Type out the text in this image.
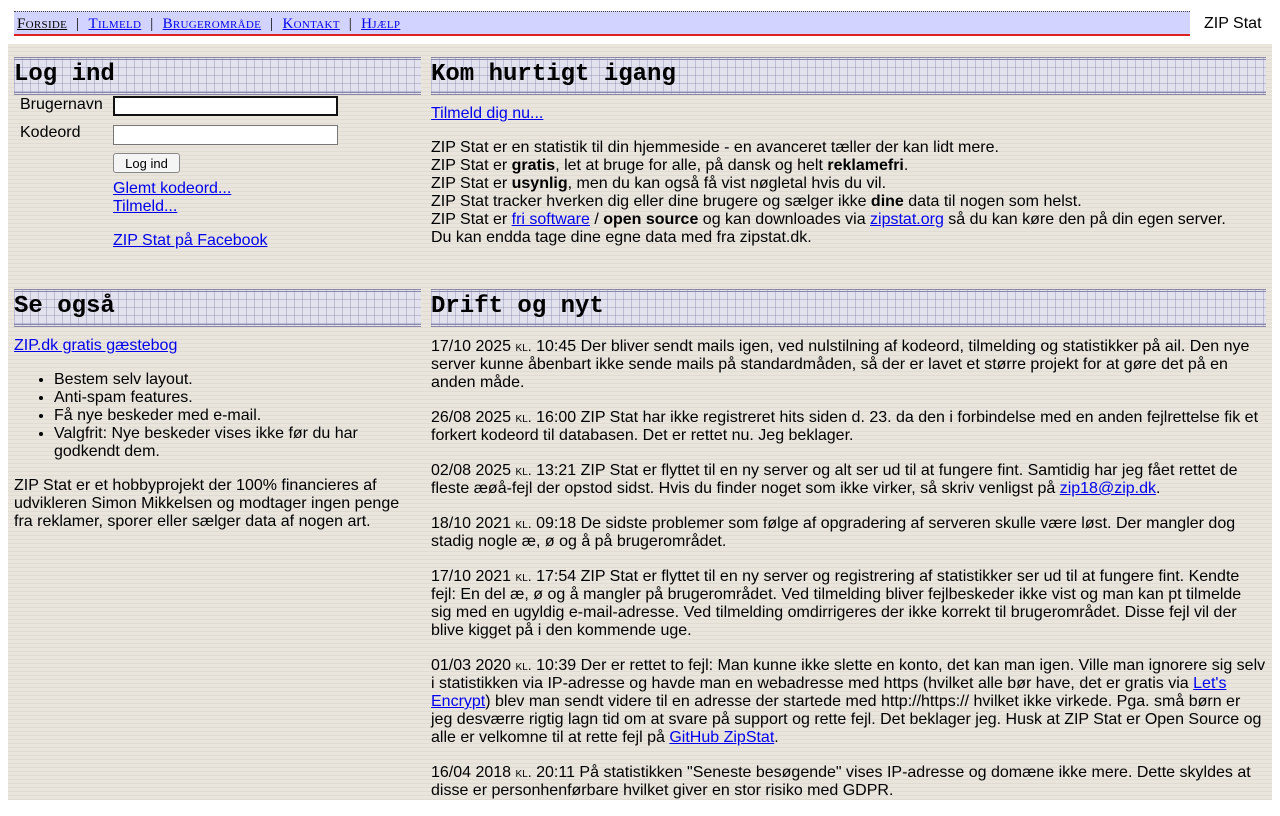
Forside | Tilmeld | Brugerområde | Kontakt | Hjælp	ZIP Stat
Log ind
Brugernavn
Kodeord
Log ind
Glemt kodeord...
Tilmeld...
ZIP Stat på Facebook
Kom hurtigt igang
Tilmeld dig nu...

ZIP Stat er en statistik til din hjemmeside - en avanceret tæller der kan lidt mere.

ZIP Stat er gratis, let at bruge for alle, på dansk og helt reklamefri.

ZIP Stat er usynlig, men du kan også få vist nøgletal hvis du vil.

ZIP Stat tracker hverken dig eller dine brugere og sælger ikke dine data til nogen som helst.

ZIP Stat er fri software / open source og kan downloades via zipstat.org så du kan køre den på din egen server.

Du kan endda tage dine egne data med fra zipstat.dk.

Se også
ZIP.dk gratis gæstebog
• Bestem selv layout.
• Anti-spam features.
• Få nye beskeder med e-mail.
• Valgfrit: Nye beskeder vises ikke før du har godkendt dem.

ZIP Stat er et hobbyprojekt der 100% financieres af udvikleren Simon Mikkelsen og modtager ingen penge fra reklamer, sporer eller sælger data af nogen art.

Drift og nyt

17/10 2025 kl. 10:45 Der bliver sendt mails igen, ved nulstilning af kodeord, tilmelding og statistikker på ail. Den nye server kunne åbenbart ikke sende mails på standardmåden, så der er lavet et større projekt for at gøre det på en anden måde.

26/08 2025 kl. 16:00 ZIP Stat har ikke registreret hits siden d. 23. da den i forbindelse med en anden fejlrettelse fik et forkert kodeord til databasen. Det er rettet nu. Jeg beklager.

02/08 2025 kl. 13:21 ZIP Stat er flyttet til en ny server og alt ser ud til at fungere fint. Samtidig har jeg fået rettet de fleste æøå-fejl der opstod sidst. Hvis du finder noget som ikke virker, så skriv venligst på zip18@zip.dk.

18/10 2021 kl. 09:18 De sidste problemer som følge af opgradering af serveren skulle være løst. Der mangler dog stadig nogle æ, ø og å på brugerområdet.

17/10 2021 kl. 17:54 ZIP Stat er flyttet til en ny server og registrering af statistikker ser ud til at fungere fint. Kendte fejl: En del æ, ø og å mangler på brugerområdet. Ved tilmelding bliver fejlbeskeder ikke vist og man kan pt tilmelde sig med en ugyldig e-mail-adresse. Ved tilmelding omdirrigeres der ikke korrekt til brugerområdet. Disse fejl vil der blive kigget på i den kommende uge.

01/03 2020 kl. 10:39 Der er rettet to fejl: Man kunne ikke slette en konto, det kan man igen. Ville man ignorere sig selv i statistikken via IP-adresse og havde man en webadresse med https (hvilket alle bør have, det er gratis via Let's Encrypt) blev man sendt videre til en adresse der startede med http://https:// hvilket ikke virkede. Pga. små børn er jeg desværre rigtig lagn tid om at svare på support og rette fejl. Det beklager jeg. Husk at ZIP Stat er Open Source og alle er velkomne til at rette fejl på GitHub ZipStat.

16/04 2018 kl. 20:11 På statistikken "Seneste besøgende" vises IP-adresse og domæne ikke mere. Dette skyldes at disse er personhenførbare hvilket giver en stor risiko med GDPR.
